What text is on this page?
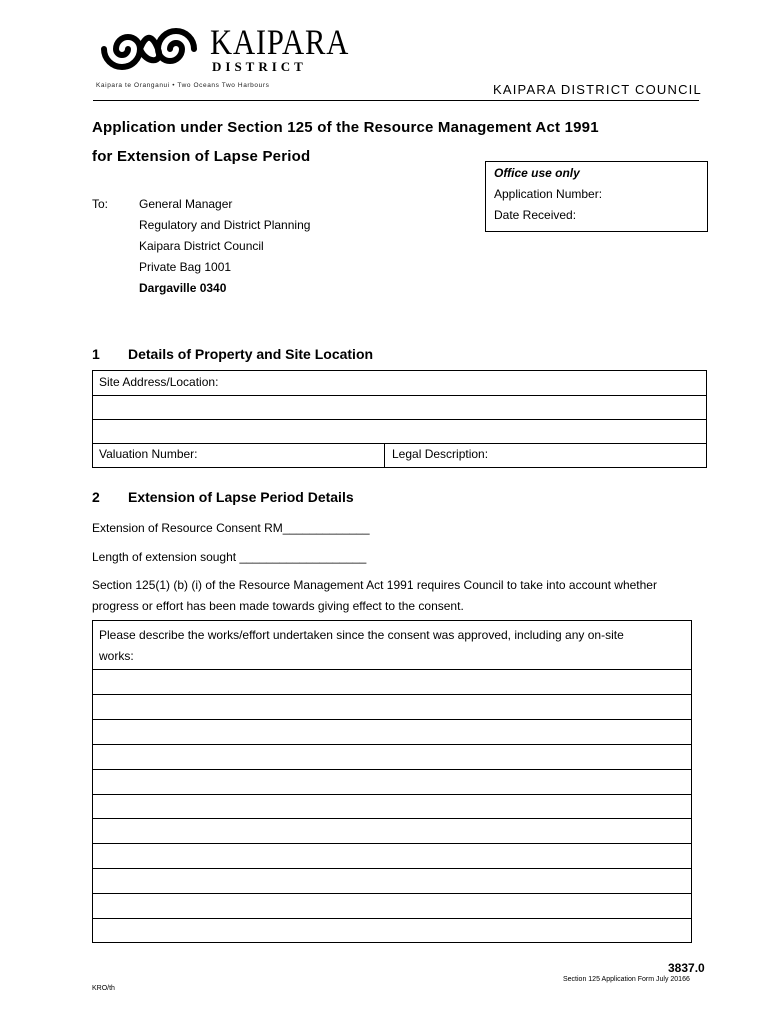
KAIPARA
DISTRICT
Kaipara te Oranganui • Two Oceans Two Harbours	KAIPARA DISTRICT COUNCIL
Application under Section 125 of the Resource Management Act 1991
for Extension of Lapse Period
Office use only
Application Number:
Date Received:
To:	General Manager
Regulatory and District Planning
Kaipara District Council
Private Bag 1001
Dargaville 0340
1 Details of Property and Site Location
Site Address/Location:
Valuation Number:	Legal Description:
2 Extension of Lapse Period Details
Extension of Resource Consent RM_____________
Length of extension sought ___________________
Section 125(1) (b) (i) of the Resource Management Act 1991 requires Council to take into account whether
progress or effort has been made towards giving effect to the consent.
Please describe the works/effort undertaken since the consent was approved, including any on-site
works:
3837.0
Section 125 Application Form July 20166
KRO/th
